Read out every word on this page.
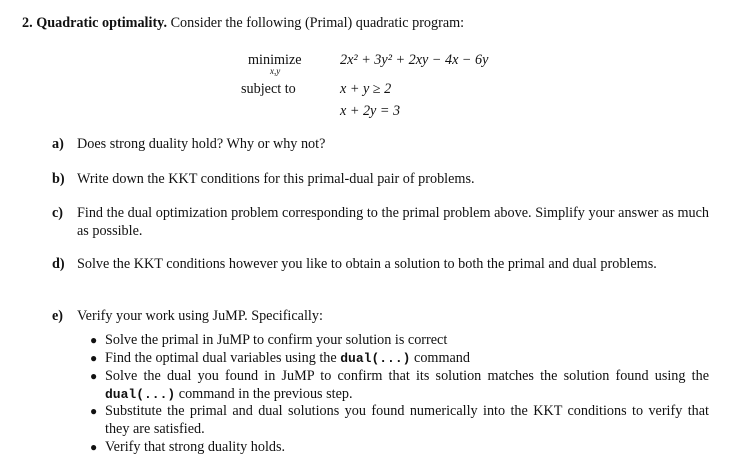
2. Quadratic optimality. Consider the following (Primal) quadratic program:
minimize
x,y
2x² + 3y² + 2xy − 4x − 6y
subject to	x + y ≥ 2
x + 2y = 3
a) Does strong duality hold? Why or why not?
b) Write down the KKT conditions for this primal-dual pair of problems.
c) Find the dual optimization problem corresponding to the primal problem above. Simplify your answer as much as possible.
d) Solve the KKT conditions however you like to obtain a solution to both the primal and dual problems.
e) Verify your work using JuMP. Specifically:
● Solve the primal in JuMP to confirm your solution is correct
● Find the optimal dual variables using the dual(...) command
● Solve the dual you found in JuMP to confirm that its solution matches the solution found using the dual(...) command in the previous step.
● Substitute the primal and dual solutions you found numerically into the KKT conditions to verify that they are satisfied.
● Verify that strong duality holds.
